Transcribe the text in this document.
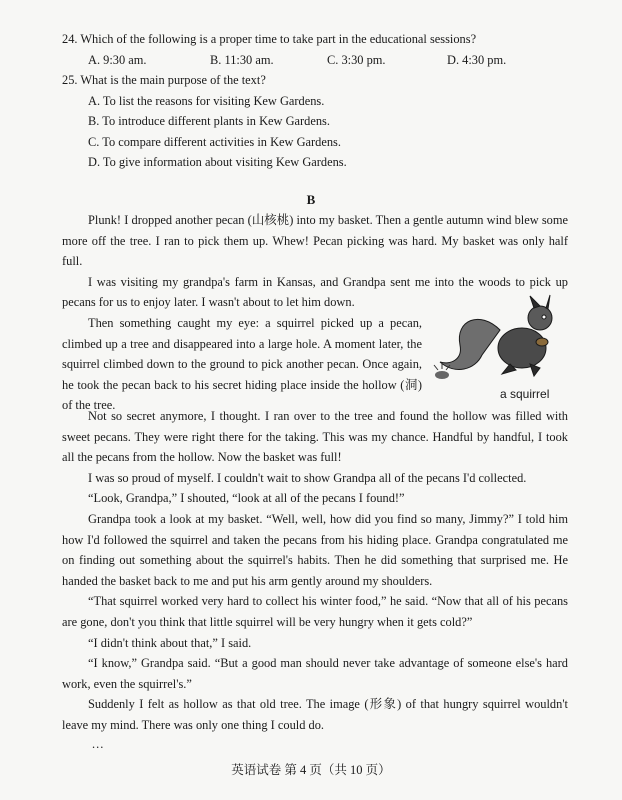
24. Which of the following is a proper time to take part in the educational sessions?
A. 9:30 am.	B. 11:30 am.	C. 3:30 pm.	D. 4:30 pm.
25. What is the main purpose of the text?
A. To list the reasons for visiting Kew Gardens.
B. To introduce different plants in Kew Gardens.
C. To compare different activities in Kew Gardens.
D. To give information about visiting Kew Gardens.
B

Plunk! I dropped another pecan (山核桃) into my basket. Then a gentle autumn wind blew some more off the tree. I ran to pick them up. Whew! Pecan picking was hard. My basket was only half full.

I was visiting my grandpa's farm in Kansas, and Grandpa sent me into the woods to pick up pecans for us to enjoy later. I wasn't about to let him down.

Then something caught my eye: a squirrel picked up a pecan, climbed up a tree and disappeared into a large hole. A moment later, the squirrel climbed down to the ground to pick another pecan. Once again, he took the pecan back to his secret hiding place inside the hollow (洞) of the tree.

a squirrel

Not so secret anymore, I thought. I ran over to the tree and found the hollow was filled with sweet pecans. They were right there for the taking. This was my chance. Handful by handful, I took all the pecans from the hollow. Now the basket was full!

I was so proud of myself. I couldn't wait to show Grandpa all of the pecans I'd collected.

“Look, Grandpa,” I shouted, “look at all of the pecans I found!”

Grandpa took a look at my basket. “Well, well, how did you find so many, Jimmy?” I told him how I'd followed the squirrel and taken the pecans from his hiding place. Grandpa congratulated me on finding out something about the squirrel's habits. Then he did something that surprised me. He handed the basket back to me and put his arm gently around my shoulders.

“That squirrel worked very hard to collect his winter food,” he said. “Now that all of his pecans are gone, don't you think that little squirrel will be very hungry when it gets cold?”

“I didn't think about that,” I said.

“I know,” Grandpa said. “But a good man should never take advantage of someone else's hard work, even the squirrel's.”

Suddenly I felt as hollow as that old tree. The image (形象) of that hungry squirrel wouldn't leave my mind. There was only one thing I could do.

...
英语试卷 第 4 页（共 10 页）
